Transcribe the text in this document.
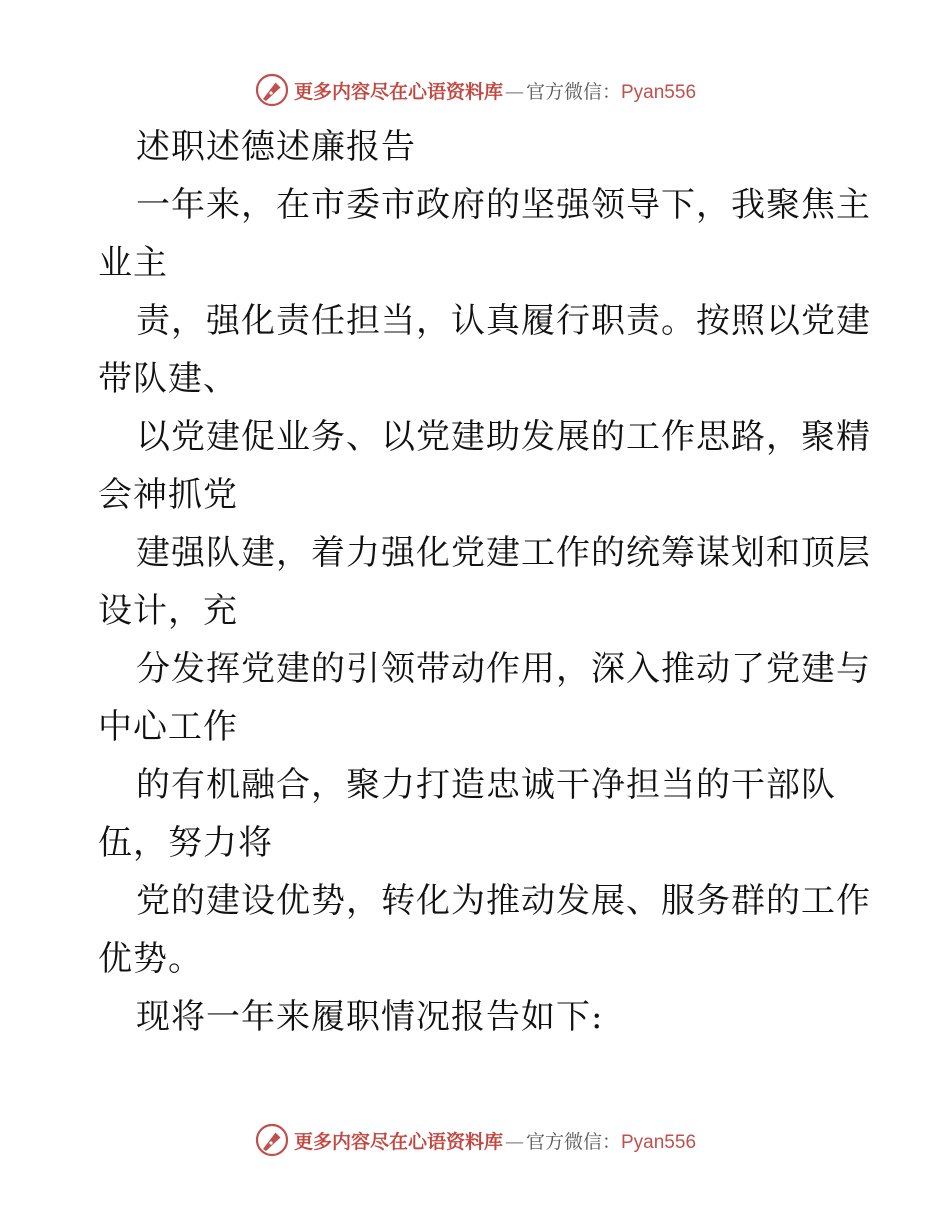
更多内容尽在心语资料库 — 官方微信：Pyan556
述职述德述廉报告
一年来，在市委市政府的坚强领导下，我聚焦主
业主
责，强化责任担当，认真履行职责。按照以党建
带队建、
以党建促业务、以党建助发展的工作思路，聚精
会神抓党
建强队建，着力强化党建工作的统筹谋划和顶层
设计，充
分发挥党建的引领带动作用，深入推动了党建与
中心工作
的有机融合，聚力打造忠诚干净担当的干部队
伍，努力将
党的建设优势，转化为推动发展、服务群的工作
优势。
现将一年来履职情况报告如下:
更多内容尽在心语资料库 — 官方微信：Pyan556
